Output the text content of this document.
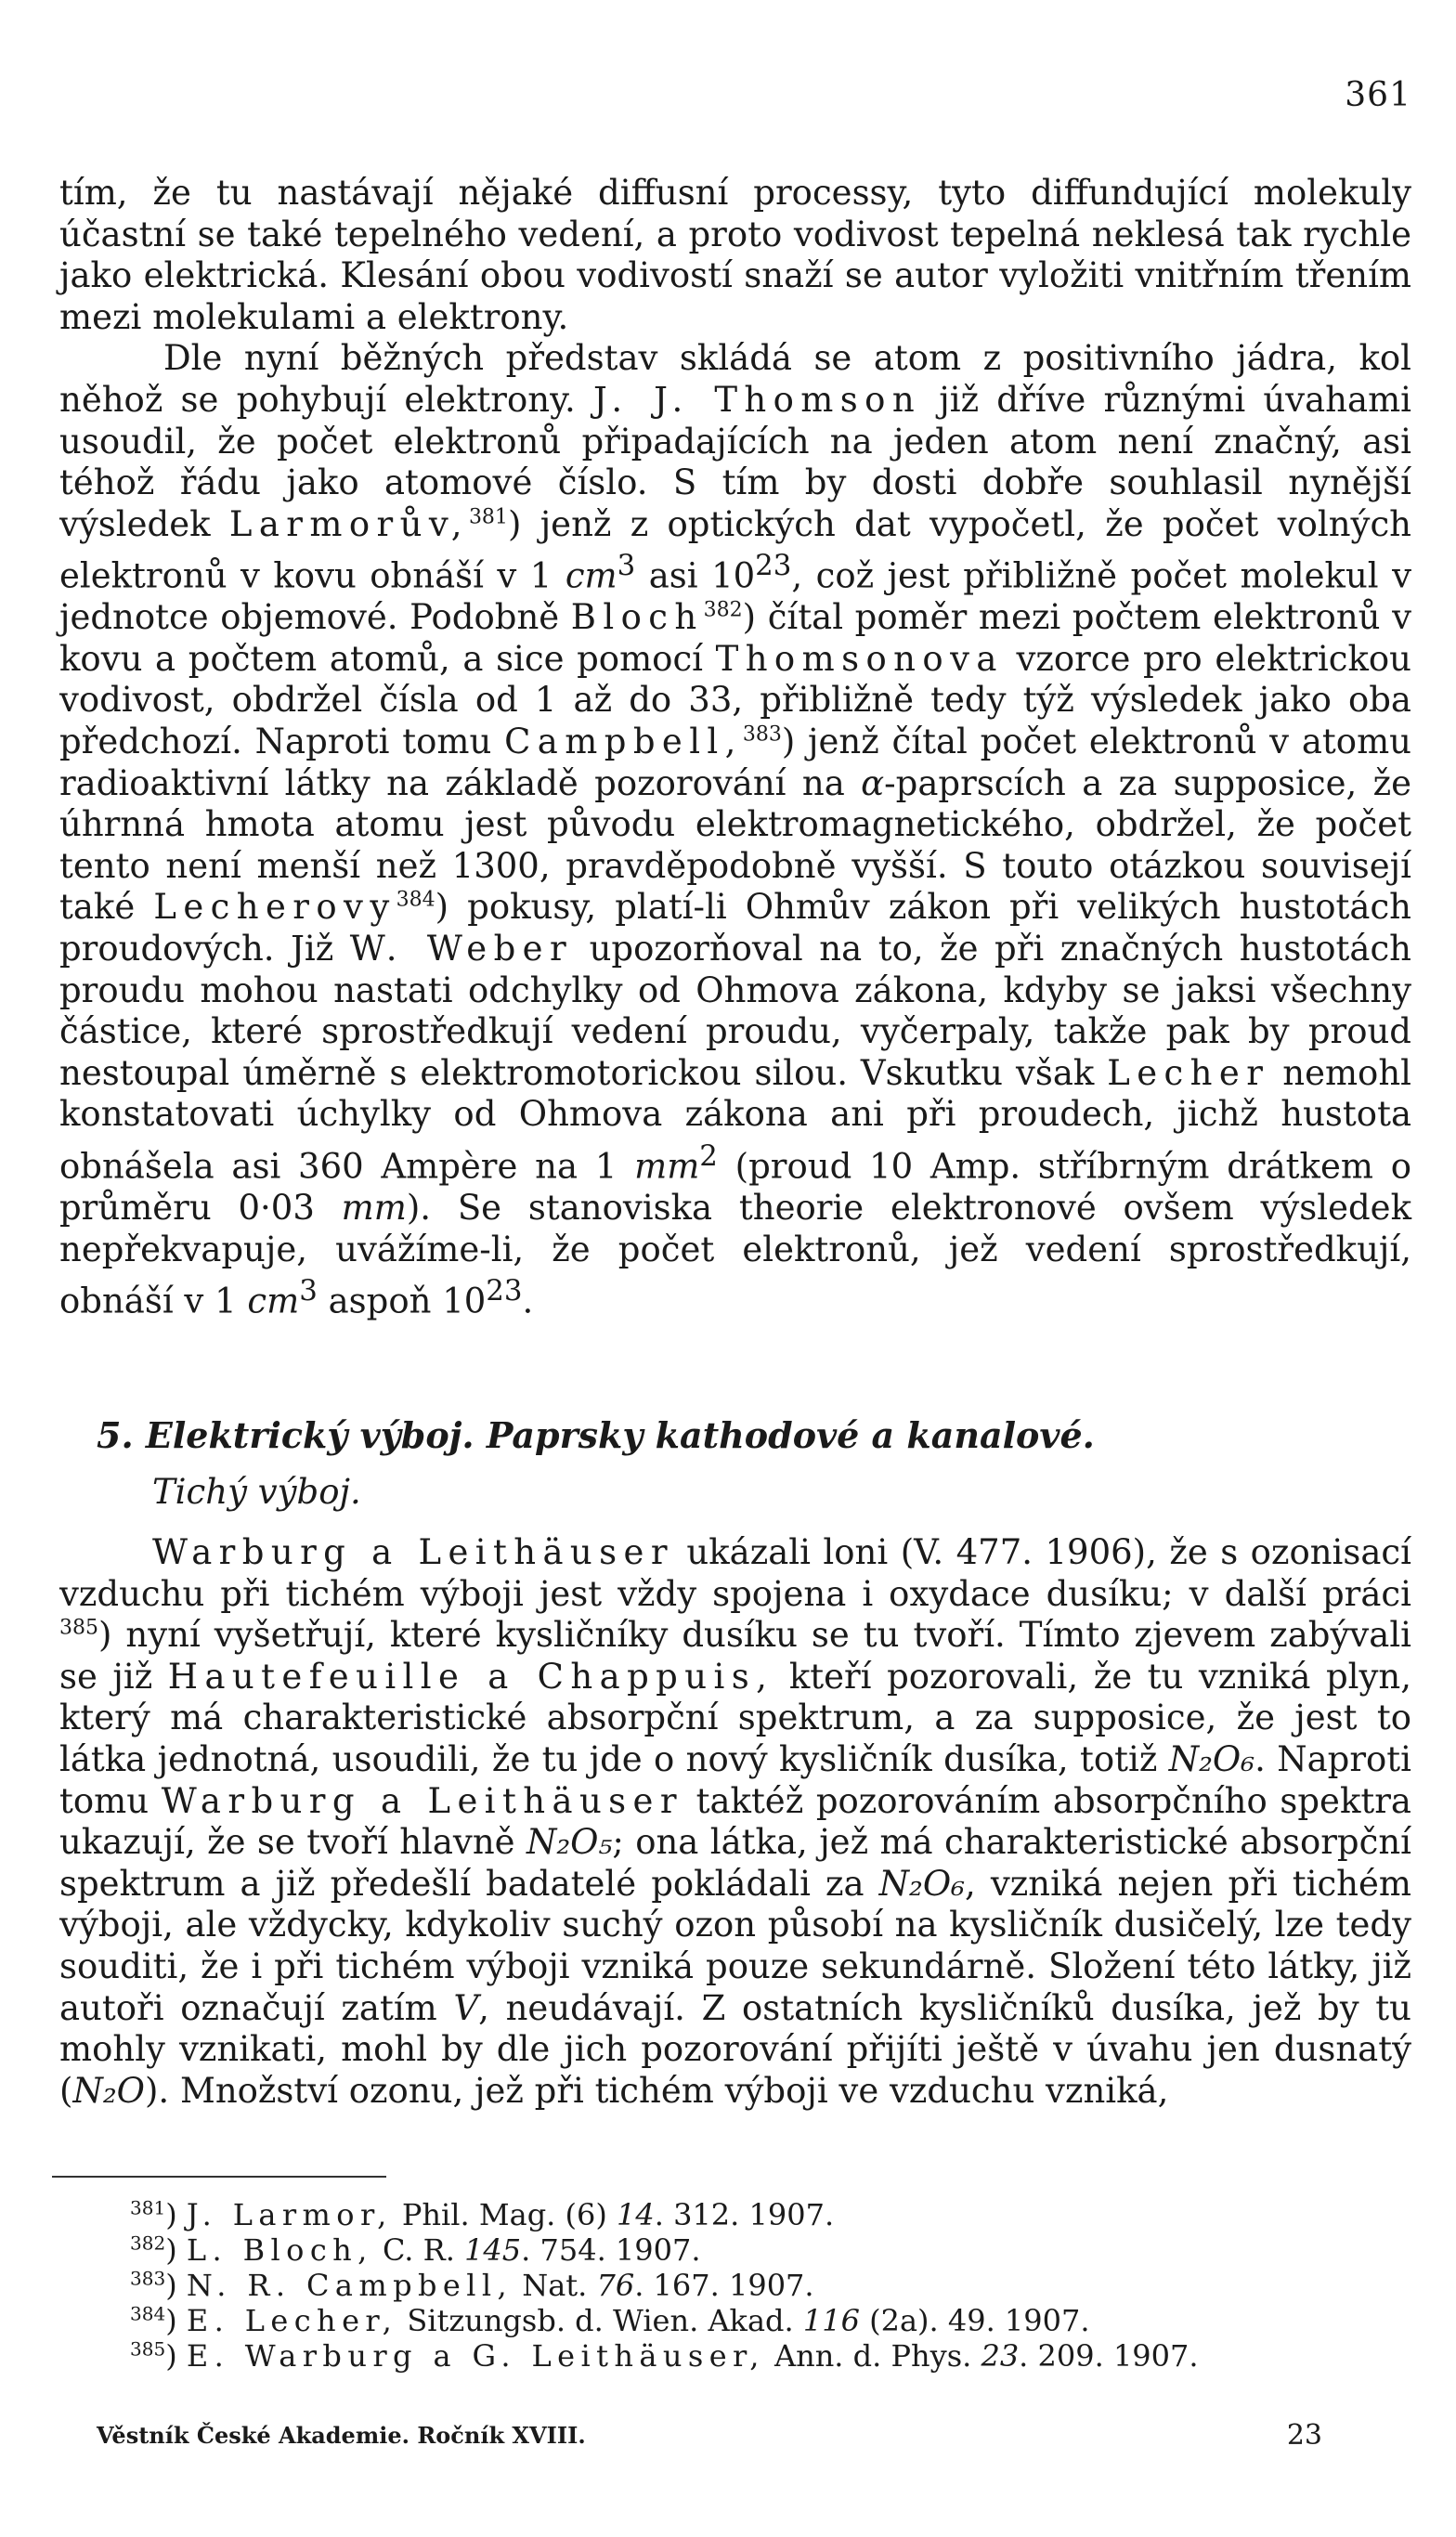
361

tím, že tu nastávají nějaké diffusní processy, tyto diffundující molekuly účastní se také tepelného vedení, a proto vodivost tepelná neklesá tak rychle jako elektrická. Klesání obou vodivostí snaží se autor vyložiti vnitřním třením mezi molekulami a elektrony.

Dle nyní běžných představ skládá se atom z positivního jádra, kol něhož se pohybují elektrony. J. J. Thomson již dříve různými úvahami usoudil, že počet elektronů připadajících na jeden atom není značný, asi téhož řádu jako atomové číslo. S tím by dosti dobře souhlasil nynější výsledek Larmorův,$^{381}$) jenž z optických dat vypočetl, že počet volných elektronů v kovu obnáší v 1 $cm^3$ asi $10^{23}$, což jest přibližně počet molekul v jednotce objemové. Podobně Bloch$^{382}$) čítal poměr mezi počtem elektronů v kovu a počtem atomů, a sice pomocí Thomsonova vzorce pro elektrickou vodivost, obdržel čísla od 1 až do 33, přibližně tedy týž výsledek jako oba předchozí. Naproti tomu Campbell,$^{383}$) jenž čítal počet elektronů v atomu radioaktivní látky na základě pozorování na α-paprscích a za supposice, že úhrnná hmota atomu jest původu elektromagnetického, obdržel, že počet tento není menší než 1300, pravděpodobně vyšší. S touto otázkou souvisejí také Lecherovy$^{384}$) pokusy, platí-li Ohmův zákon při velikých hustotách proudových. Již W. Weber upozorňoval na to, že při značných hustotách proudu mohou nastati odchylky od Ohmova zákona, kdyby se jaksi všechny částice, které sprostředkují vedení proudu, vyčerpaly, takže pak by proud nestoupal úměrně s elektromotorickou silou. Vskutku však Lecher nemohl konstatovati úchylky od Ohmova zákona ani při proudech, jichž hustota obnášela asi 360 Ampère na 1 $mm^2$ (proud 10 Amp. stříbrným drátkem o průměru 0·03 mm). Se stanoviska theorie elektronové ovšem výsledek nepřekvapuje, uvážíme-li, že počet elektronů, jež vedení sprostředkují, obnáší v 1 $cm^3$ aspoň $10^{23}$.

5. Elektrický výboj. Paprsky kathodové a kanalové.
Tichý výboj.

Warburg a Leithäuser ukázali loni (V. 477. 1906), že s ozonisací vzduchu při tichém výboji jest vždy spojena i oxydace dusíku; v další práci $^{385}$) nyní vyšetřují, které kysličníky dusíku se tu tvoří. Tímto zjevem zabývali se již Hautefeuille a Chappuis, kteří pozorovali, že tu vzniká plyn, který má charakteristické absorpční spektrum, a za supposice, že jest to látka jednotná, usoudili, že tu jde o nový kysličník dusíka, totiž N₂O₆. Naproti tomu Warburg a Leithäuser taktéž pozorováním absorpčního spektra ukazují, že se tvoří hlavně N₂O₅; ona látka, jež má charakteristické absorpční spektrum a již předešlí badatelé pokládali za N₂O₆, vzniká nejen při tichém výboji, ale vždycky, kdykoliv suchý ozon působí na kysličník dusičelý, lze tedy souditi, že i při tichém výboji vzniká pouze sekundárně. Složení této látky, již autoři označují zatím V, neudávají. Z ostatních kysličníků dusíka, jež by tu mohly vznikati, mohl by dle jich pozorování přijíti ještě v úvahu jen dusnatý (N₂O). Množství ozonu, jež při tichém výboji ve vzduchu vzniká,

$^{381}$) J. Larmor, Phil. Mag. (6) 14. 312. 1907.
$^{382}$) L. Bloch, C. R. 145. 754. 1907.
$^{383}$) N. R. Campbell, Nat. 76. 167. 1907.
$^{384}$) E. Lecher, Sitzungsb. d. Wien. Akad. 116 (2a). 49. 1907.
$^{385}$) E. Warburg a G. Leithäuser, Ann. d. Phys. 23. 209. 1907.
Věstník České Akademie. Ročník XVIII.	23
